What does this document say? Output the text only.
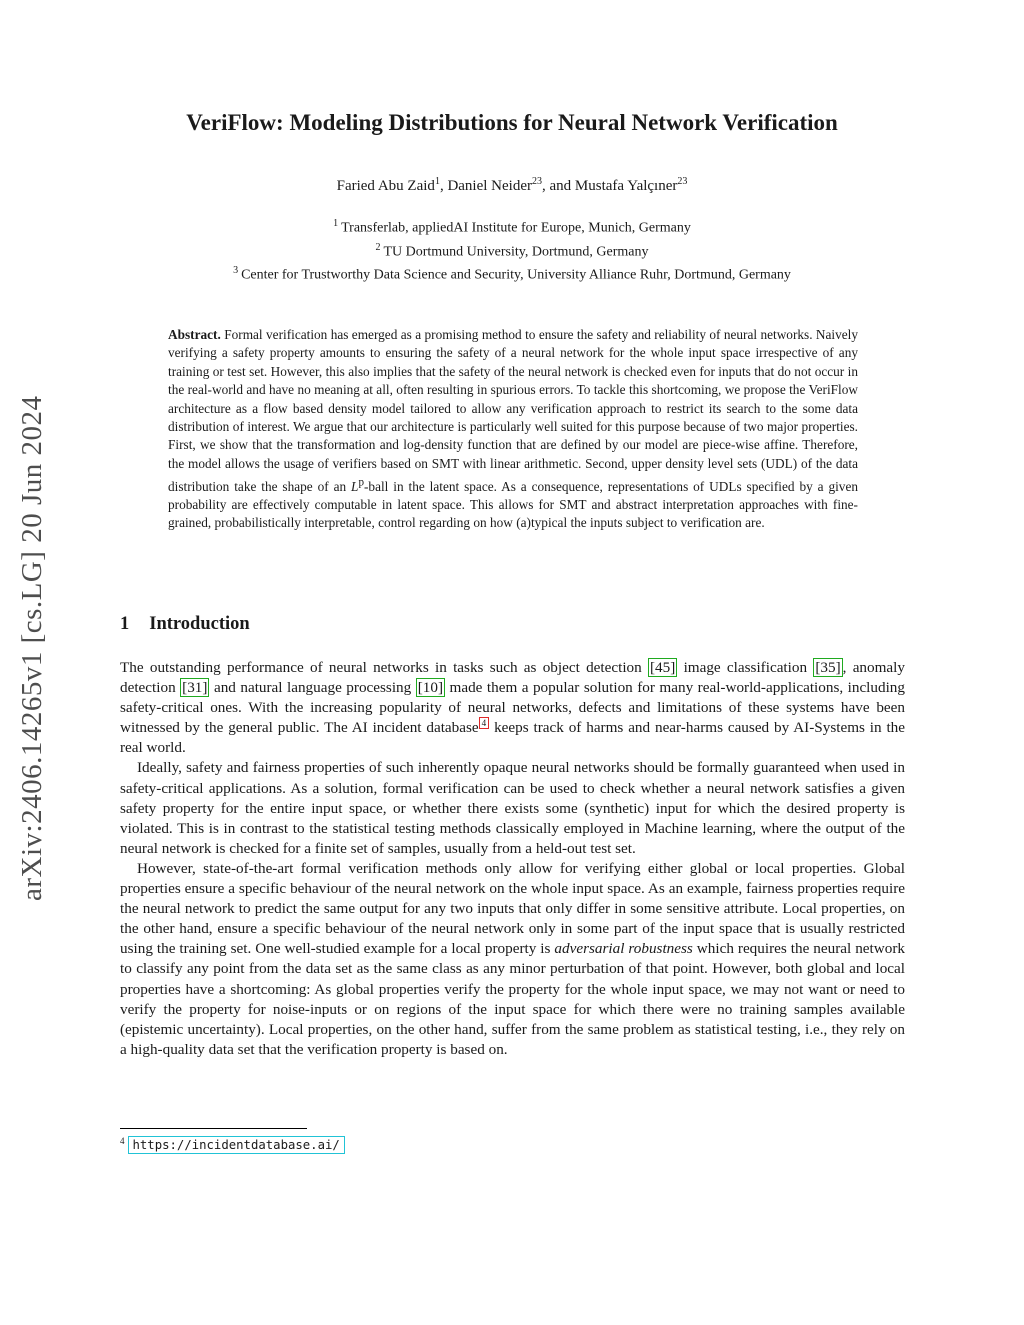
arXiv:2406.14265v1 [cs.LG] 20 Jun 2024
VeriFlow: Modeling Distributions for Neural Network Verification
Faried Abu Zaid$^1$, Daniel Neider$^{23}$, and Mustafa Yalçıner$^{23}$
$^1$ Transferlab, appliedAI Institute for Europe, Munich, Germany
$^2$ TU Dortmund University, Dortmund, Germany
$^3$ Center for Trustworthy Data Science and Security, University Alliance Ruhr, Dortmund, Germany
Abstract. Formal verification has emerged as a promising method to ensure the safety and reliability of neural networks. Naively verifying a safety property amounts to ensuring the safety of a neural network for the whole input space irrespective of any training or test set. However, this also implies that the safety of the neural network is checked even for inputs that do not occur in the real-world and have no meaning at all, often resulting in spurious errors. To tackle this shortcoming, we propose the VeriFlow architecture as a flow based density model tailored to allow any verification approach to restrict its search to the some data distribution of interest. We argue that our architecture is particularly well suited for this purpose because of two major properties. First, we show that the transformation and log-density function that are defined by our model are piece-wise affine. Therefore, the model allows the usage of verifiers based on SMT with linear arithmetic. Second, upper density level sets (UDL) of the data distribution take the shape of an $L^p$-ball in the latent space. As a consequence, representations of UDLs specified by a given probability are effectively computable in latent space. This allows for SMT and abstract interpretation approaches with fine-grained, probabilistically interpretable, control regarding on how (a)typical the inputs subject to verification are.
1 Introduction

The outstanding performance of neural networks in tasks such as object detection [45] image classification [35] , anomaly detection [31] and natural language processing [10] made them a popular solution for many real-world-applications, including safety-critical ones. With the increasing popularity of neural networks, defects and limitations of these systems have been witnessed by the general public. The AI incident database $^4$ keeps track of harms and near-harms caused by AI-Systems in the real world.

Ideally, safety and fairness properties of such inherently opaque neural networks should be formally guaranteed when used in safety-critical applications. As a solution, formal verification can be used to check whether a neural network satisfies a given safety property for the entire input space, or whether there exists some (synthetic) input for which the desired property is violated. This is in contrast to the statistical testing methods classically employed in Machine learning, where the output of the neural network is checked for a finite set of samples, usually from a held-out test set.

However, state-of-the-art formal verification methods only allow for verifying either global or local properties. Global properties ensure a specific behaviour of the neural network on the whole input space. As an example, fairness properties require the neural network to predict the same output for any two inputs that only differ in some sensitive attribute. Local properties, on the other hand, ensure a specific behaviour of the neural network only in some part of the input space that is usually restricted using the training set. One well-studied example for a local property is adversarial robustness which requires the neural network to classify any point from the data set as the same class as any minor perturbation of that point. However, both global and local properties have a shortcoming: As global properties verify the property for the whole input space, we may not want or need to verify the property for noise-inputs or on regions of the input space for which there were no training samples available (epistemic uncertainty). Local properties, on the other hand, suffer from the same problem as statistical testing, i.e., they rely on a high-quality data set that the verification property is based on.

$^4$ https://incidentdatabase.ai/
